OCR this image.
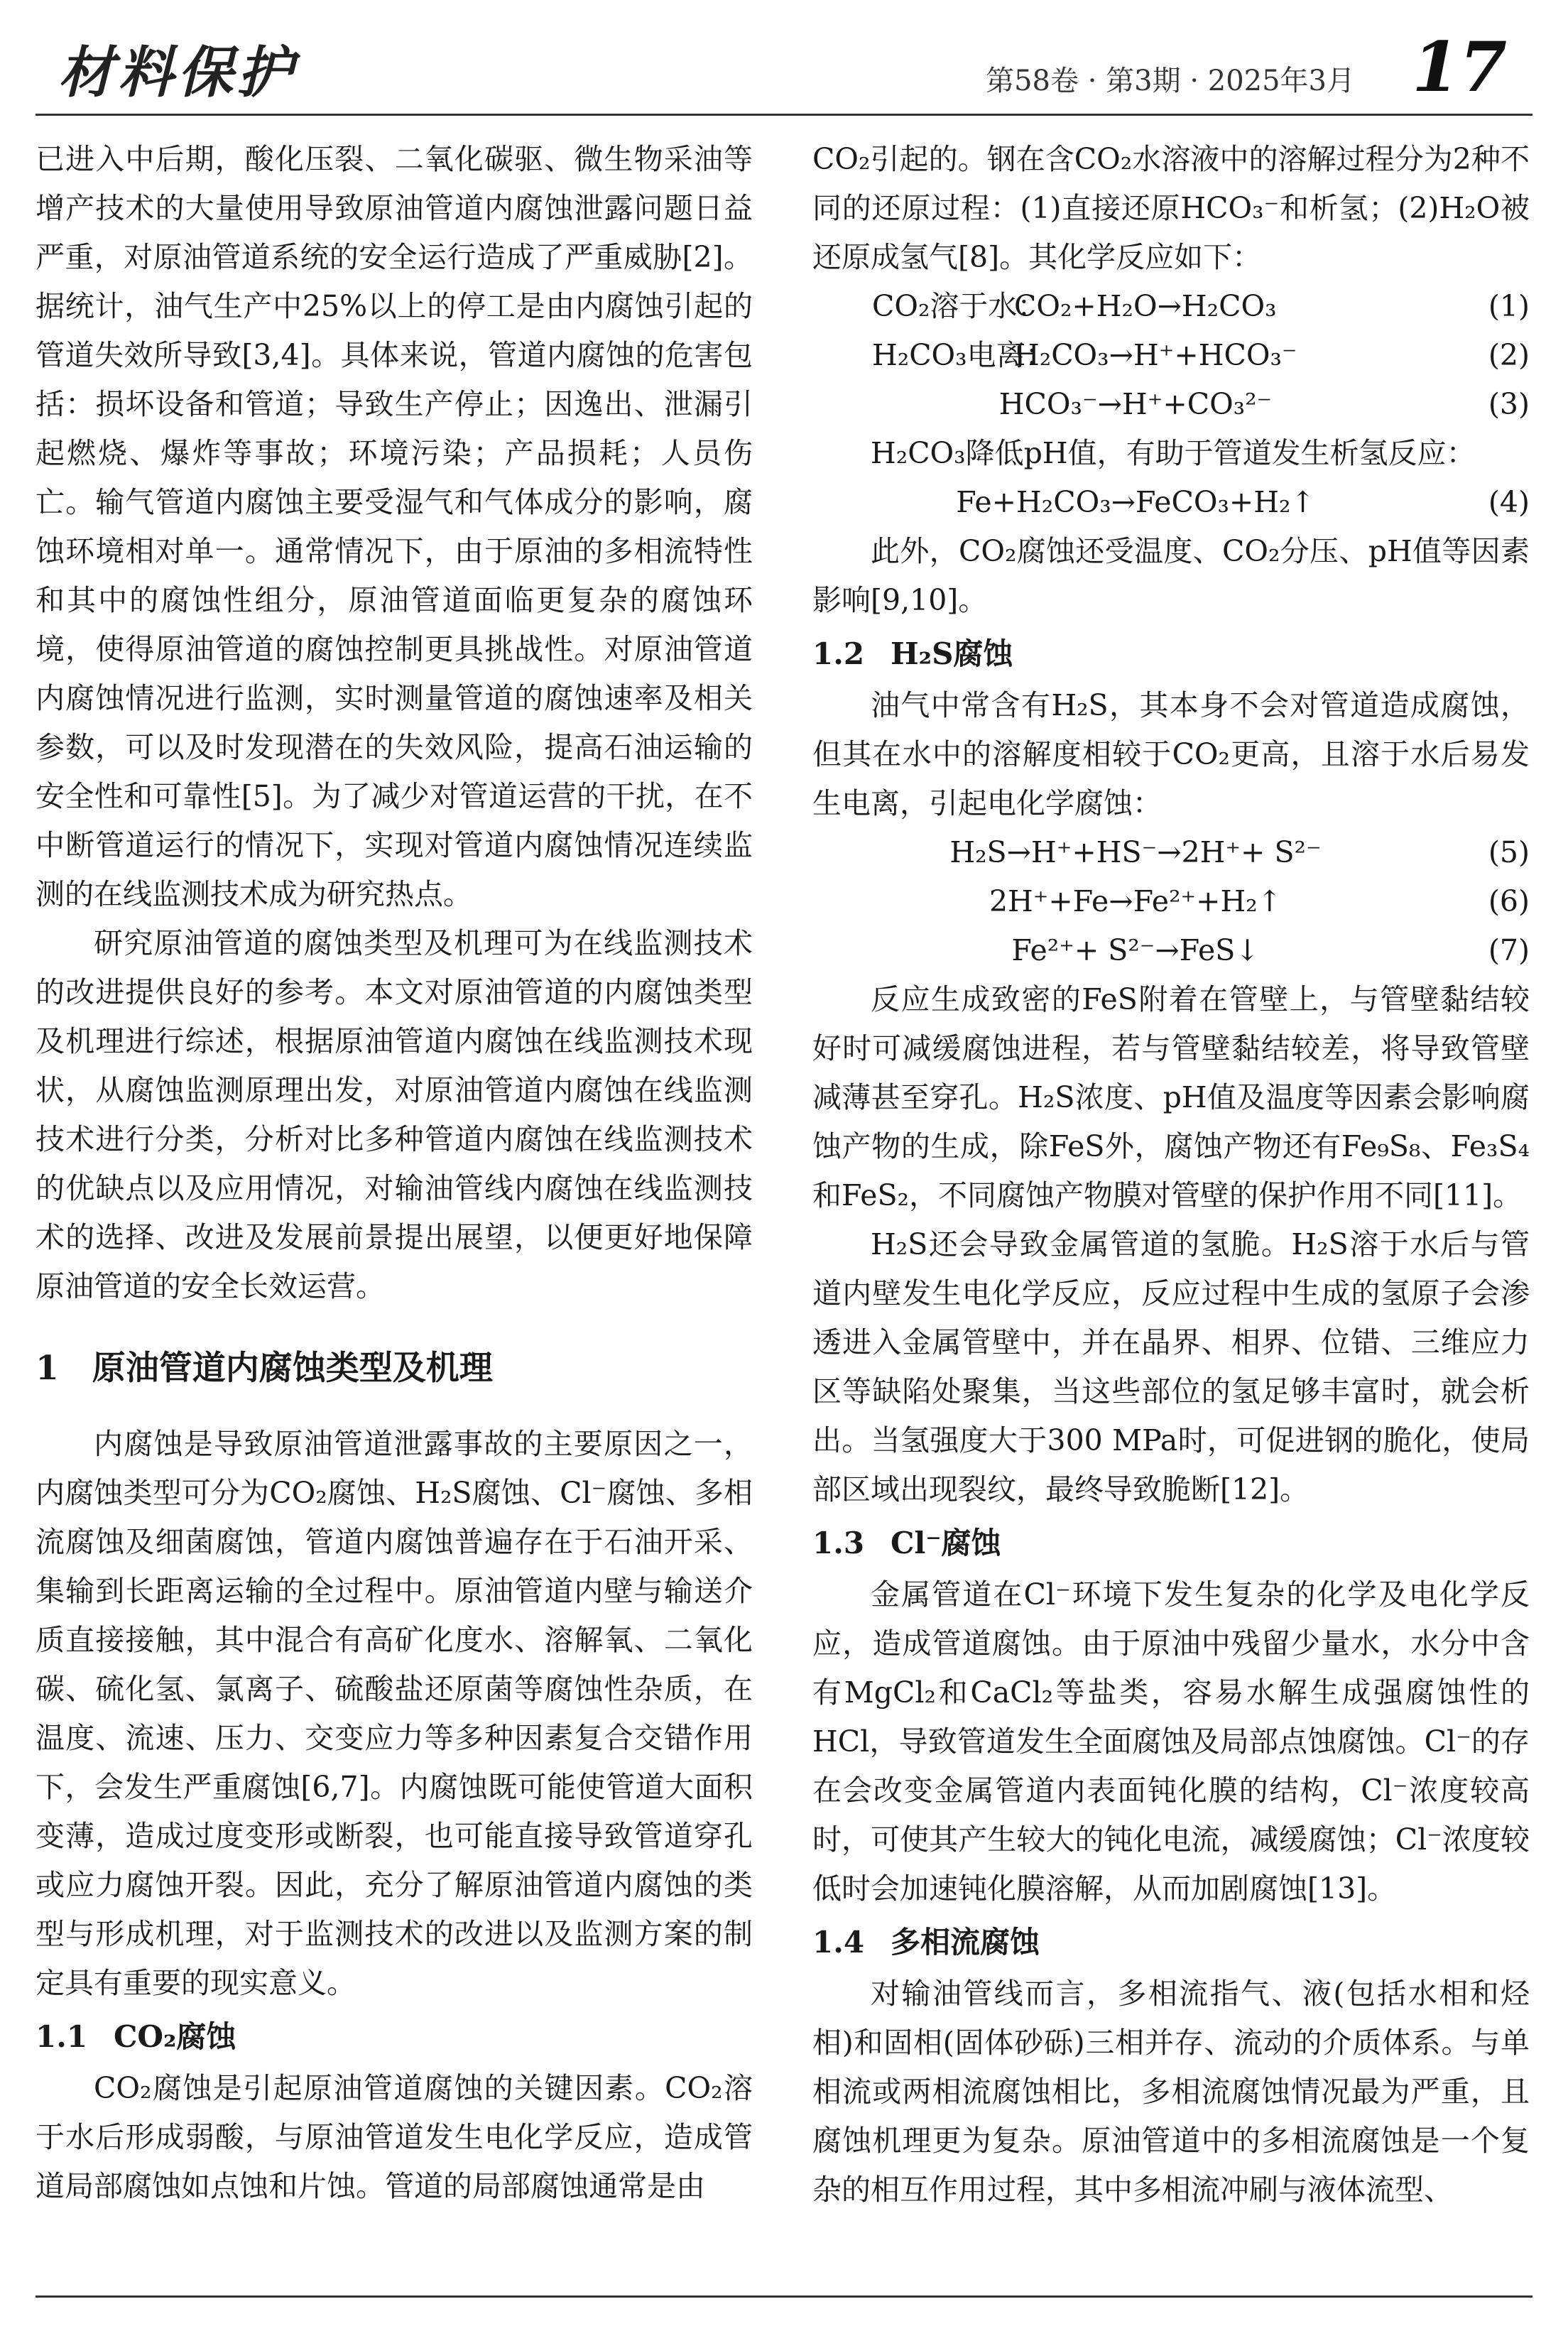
材料保护	第58卷 · 第3期 · 2025年3月 17

已进入中后期，酸化压裂、二氧化碳驱、微生物采油等增产技术的大量使用导致原油管道内腐蚀泄露问题日益严重，对原油管道系统的安全运行造成了严重威胁[2]。据统计，油气生产中25%以上的停工是由内腐蚀引起的管道失效所导致[3,4]。具体来说，管道内腐蚀的危害包括：损坏设备和管道；导致生产停止；因逸出、泄漏引起燃烧、爆炸等事故；环境污染；产品损耗；人员伤亡。输气管道内腐蚀主要受湿气和气体成分的影响，腐蚀环境相对单一。通常情况下，由于原油的多相流特性和其中的腐蚀性组分，原油管道面临更复杂的腐蚀环境，使得原油管道的腐蚀控制更具挑战性。对原油管道内腐蚀情况进行监测，实时测量管道的腐蚀速率及相关参数，可以及时发现潜在的失效风险，提高石油运输的安全性和可靠性[5]。为了减少对管道运营的干扰，在不中断管道运行的情况下，实现对管道内腐蚀情况连续监测的在线监测技术成为研究热点。

研究原油管道的腐蚀类型及机理可为在线监测技术的改进提供良好的参考。本文对原油管道的内腐蚀类型及机理进行综述，根据原油管道内腐蚀在线监测技术现状，从腐蚀监测原理出发，对原油管道内腐蚀在线监测技术进行分类，分析对比多种管道内腐蚀在线监测技术的优缺点以及应用情况，对输油管线内腐蚀在线监测技术的选择、改进及发展前景提出展望，以便更好地保障原油管道的安全长效运营。

1　原油管道内腐蚀类型及机理

内腐蚀是导致原油管道泄露事故的主要原因之一，内腐蚀类型可分为CO₂腐蚀、H₂S腐蚀、Cl⁻腐蚀、多相流腐蚀及细菌腐蚀，管道内腐蚀普遍存在于石油开采、集输到长距离运输的全过程中。原油管道内壁与输送介质直接接触，其中混合有高矿化度水、溶解氧、二氧化碳、硫化氢、氯离子、硫酸盐还原菌等腐蚀性杂质，在温度、流速、压力、交变应力等多种因素复合交错作用下，会发生严重腐蚀[6,7]。内腐蚀既可能使管道大面积变薄，造成过度变形或断裂，也可能直接导致管道穿孔或应力腐蚀开裂。因此，充分了解原油管道内腐蚀的类型与形成机理，对于监测技术的改进以及监测方案的制定具有重要的现实意义。

1.1 CO₂腐蚀

CO₂腐蚀是引起原油管道腐蚀的关键因素。CO₂溶于水后形成弱酸，与原油管道发生电化学反应，造成管道局部腐蚀如点蚀和片蚀。管道的局部腐蚀通常是由

CO₂引起的。钢在含CO₂水溶液中的溶解过程分为2种不同的还原过程：(1)直接还原HCO₃⁻和析氢；(2)H₂O被还原成氢气[8]。其化学反应如下：

CO₂溶于水：
CO₂+H₂O→H₂CO₃	(1)
H₂CO₃电离：
H₂CO₃→H⁺+HCO₃⁻	(2)
HCO₃⁻→H⁺+CO₃²⁻	(3)

H₂CO₃降低pH值，有助于管道发生析氢反应：

Fe+H₂CO₃→FeCO₃+H₂↑	(4)

此外，CO₂腐蚀还受温度、CO₂分压、pH值等因素影响[9,10]。

1.2 H₂S腐蚀

油气中常含有H₂S，其本身不会对管道造成腐蚀，但其在水中的溶解度相较于CO₂更高，且溶于水后易发生电离，引起电化学腐蚀：

H₂S→H⁺+HS⁻→2H⁺+ S²⁻	(5)
2H⁺+Fe→Fe²⁺+H₂↑	(6)
Fe²⁺+ S²⁻→FeS↓	(7)

反应生成致密的FeS附着在管壁上，与管壁黏结较好时可减缓腐蚀进程，若与管壁黏结较差，将导致管壁减薄甚至穿孔。H₂S浓度、pH值及温度等因素会影响腐蚀产物的生成，除FeS外，腐蚀产物还有Fe₉S₈、Fe₃S₄和FeS₂，不同腐蚀产物膜对管壁的保护作用不同[11]。

H₂S还会导致金属管道的氢脆。H₂S溶于水后与管道内壁发生电化学反应，反应过程中生成的氢原子会渗透进入金属管壁中，并在晶界、相界、位错、三维应力区等缺陷处聚集，当这些部位的氢足够丰富时，就会析出。当氢强度大于300 MPa时，可促进钢的脆化，使局部区域出现裂纹，最终导致脆断[12]。

1.3 Cl⁻腐蚀

金属管道在Cl⁻环境下发生复杂的化学及电化学反应，造成管道腐蚀。由于原油中残留少量水，水分中含有MgCl₂和CaCl₂等盐类，容易水解生成强腐蚀性的HCl，导致管道发生全面腐蚀及局部点蚀腐蚀。Cl⁻的存在会改变金属管道内表面钝化膜的结构，Cl⁻浓度较高时，可使其产生较大的钝化电流，减缓腐蚀；Cl⁻浓度较低时会加速钝化膜溶解，从而加剧腐蚀[13]。

1.4 多相流腐蚀

对输油管线而言，多相流指气、液(包括水相和烃相)和固相(固体砂砾)三相并存、流动的介质体系。与单相流或两相流腐蚀相比，多相流腐蚀情况最为严重，且腐蚀机理更为复杂。原油管道中的多相流腐蚀是一个复杂的相互作用过程，其中多相流冲刷与液体流型、
